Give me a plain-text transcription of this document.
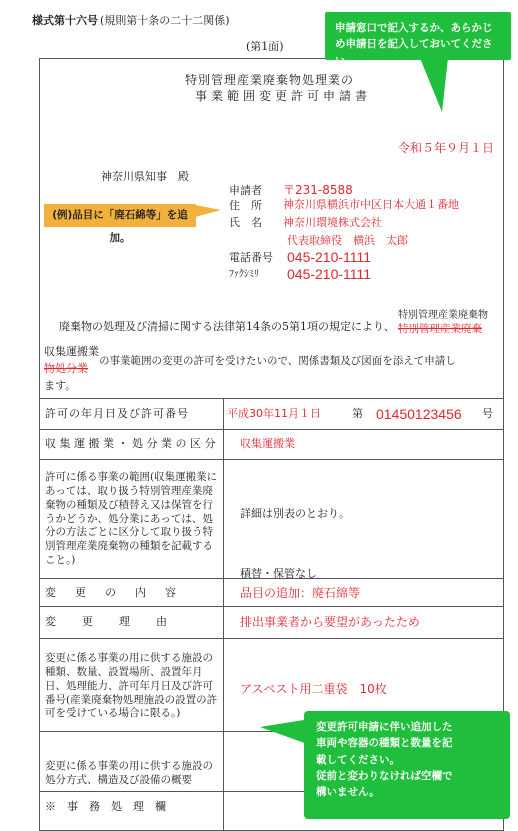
様式第十六号 (規則第十条の二十二関係)
(第1面)
申請窓口で記入するか、あらかじめ申請日を記入しておいてください。
特別管理産業廃棄物処理業の
事業範囲変更許可申請書
令和５年９月１日
神奈川県知事　殿
申請者 〒231-8588
住　所 神奈川県横浜市中区日本大通１番地
氏　名 神奈川環境株式会社
代表取締役　横浜　太郎
電話番号 045-210-1111
ﾌｧｸｼﾐﾘ 045-210-1111
(例)品目に「廃石綿等」を追加。
廃棄物の処理及び清掃に関する法律第14条の5第1項の規定により、
特別管理産業廃棄物
特別管理産業廃棄
収集運搬業
物処分業
の事業範囲の変更の許可を受けたいので、関係書類及び図面を添えて申請し
ます。
許可の年月日及び許可番号	平成30年11月１日	第 01450123456 号
収集運搬業・処分業の区分 収集運搬業
許可に係る事業の範囲(収集運搬業にあっては、取り扱う特別管理産業廃棄物の種類及び積替え又は保管を行うかどうか、処分業にあっては、処分の方法ごとに区分して取り扱う特別管理産業廃棄物の種類を記載すること。)
詳細は別表のとおり。
積替・保管なし
変更の内容	品目の追加：廃石綿等
変更理由	排出事業者から要望があったため
変更に係る事業の用に供する施設の種類、数量、設置場所、設置年月日、処理能力、許可年月日及び許可番号(産業廃棄物処理施設の設置の許可を受けている場合に限る。)
アスベスト用二重袋　10枚
変更に係る事業の用に供する施設の処分方式、構造及び設備の概要
※事務処理欄
変更許可申請に伴い追加した
車両や容器の種類と数量を記
載してください。
従前と変わりなければ空欄で
構いません。
